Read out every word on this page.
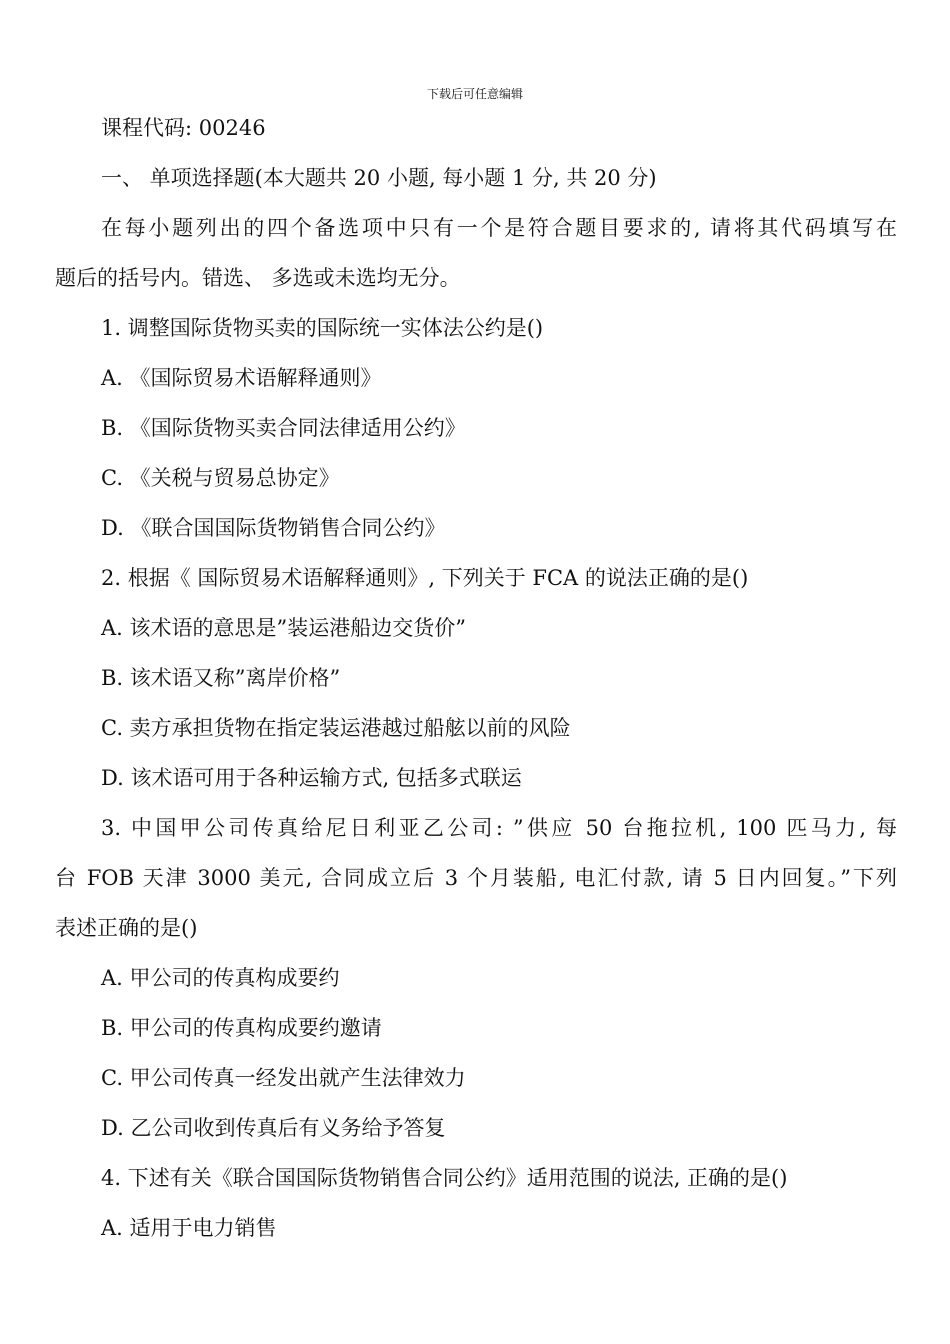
下载后可任意编辑
课程代码: 00246
一、 单项选择题(本大题共 20 小题, 每小题 1 分, 共 20 分)
在每小题列出的四个备选项中只有一个是符合题目要求的, 请将其代码填写在
题后的括号内。错选、 多选或未选均无分。
1. 调整国际货物买卖的国际统一实体法公约是()
A. 《国际贸易术语解释通则》
B. 《国际货物买卖合同法律适用公约》
C. 《关税与贸易总协定》
D. 《联合国国际货物销售合同公约》
2. 根据《 国际贸易术语解释通则》, 下列关于 FCA 的说法正确的是()
A. 该术语的意思是”装运港船边交货价”
B. 该术语又称”离岸价格”
C. 卖方承担货物在指定装运港越过船舷以前的风险
D. 该术语可用于各种运输方式, 包括多式联运
3. 中国甲公司传真给尼日利亚乙公司: ”供应 50 台拖拉机, 100 匹马力, 每
台 FOB 天津 3000 美元, 合同成立后 3 个月装船, 电汇付款, 请 5 日内回复。”下列
表述正确的是()
A. 甲公司的传真构成要约
B. 甲公司的传真构成要约邀请
C. 甲公司传真一经发出就产生法律效力
D. 乙公司收到传真后有义务给予答复
4. 下述有关《联合国国际货物销售合同公约》适用范围的说法, 正确的是()
A. 适用于电力销售
